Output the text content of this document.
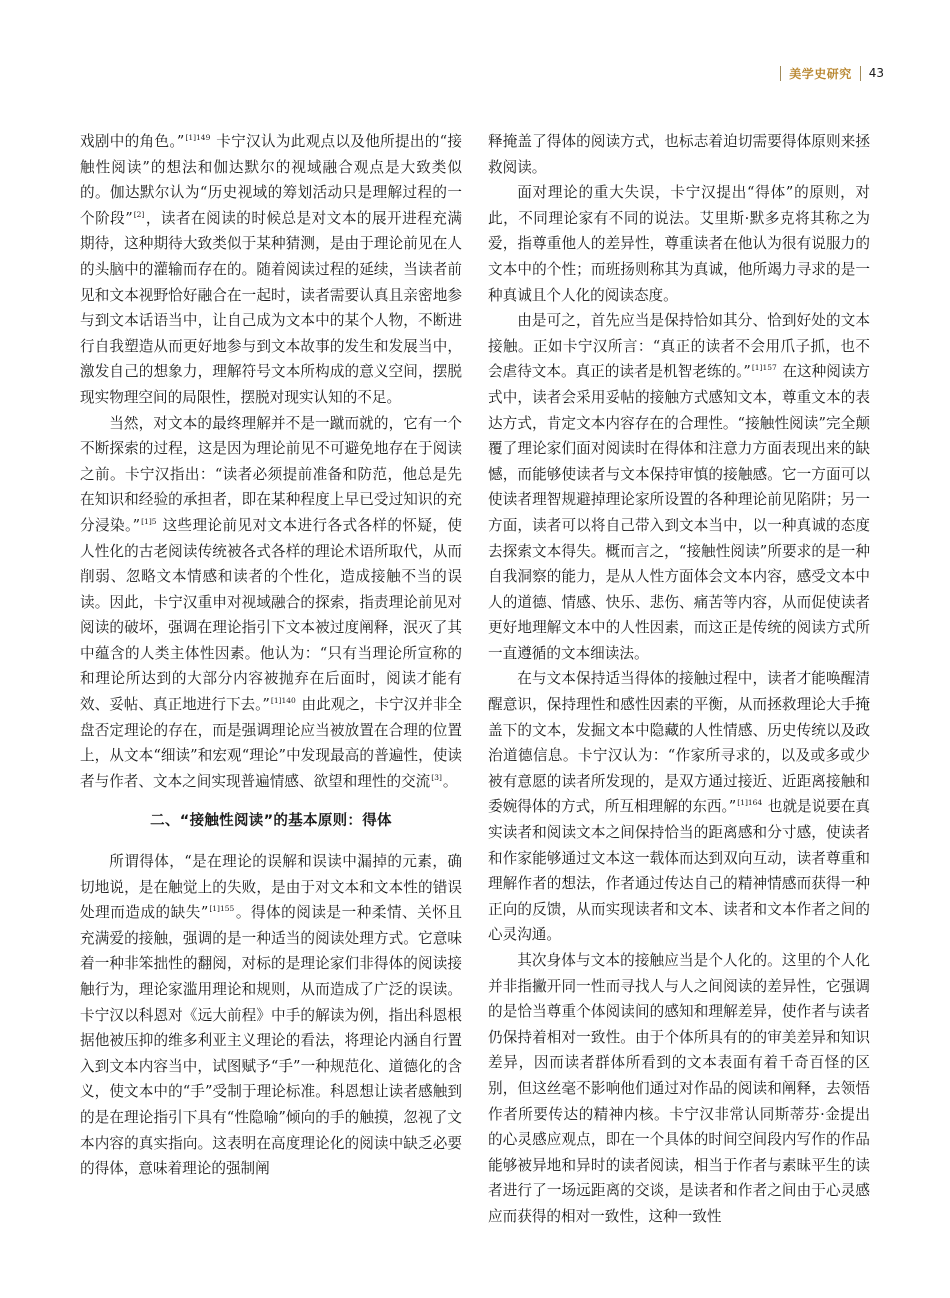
美学史研究 43

戏剧中的角色。”$^{[1]149}$ 卡宁汉认为此观点以及他所提出的“接触性阅读”的想法和伽达默尔的视域融合观点是大致类似的。伽达默尔认为“历史视域的筹划活动只是理解过程的一个阶段”[2]，读者在阅读的时候总是对文本的展开进程充满期待，这种期待大致类似于某种猜测，是由于理论前见在人的头脑中的灌输而存在的。随着阅读过程的延续，当读者前见和文本视野恰好融合在一起时，读者需要认真且亲密地参与到文本话语当中，让自己成为文本中的某个人物，不断进行自我塑造从而更好地参与到文本故事的发生和发展当中，激发自己的想象力，理解符号文本所构成的意义空间，摆脱现实物理空间的局限性，摆脱对现实认知的不足。

当然，对文本的最终理解并不是一蹴而就的，它有一个不断探索的过程，这是因为理论前见不可避免地存在于阅读之前。卡宁汉指出：“读者必须提前准备和防范，他总是先在知识和经验的承担者，即在某种程度上早已受过知识的充分浸染。”$^{[1]5}$ 这些理论前见对文本进行各式各样的怀疑，使人性化的古老阅读传统被各式各样的理论术语所取代，从而削弱、忽略文本情感和读者的个性化，造成接触不当的误读。因此，卡宁汉重申对视域融合的探索，指责理论前见对阅读的破坏，强调在理论指引下文本被过度阐释，泯灭了其中蕴含的人类主体性因素。他认为：“只有当理论所宣称的和理论所达到的大部分内容被抛弃在后面时，阅读才能有效、妥帖、真正地进行下去。”$^{[1]140}$ 由此观之，卡宁汉并非全盘否定理论的存在，而是强调理论应当被放置在合理的位置上，从文本“细读”和宏观“理论”中发现最高的普遍性，使读者与作者、文本之间实现普遍情感、欲望和理性的交流[3]。

二、“接触性阅读”的基本原则：得体

所谓得体，“是在理论的误解和误读中漏掉的元素，确切地说，是在触觉上的失败，是由于对文本和文本性的错误处理而造成的缺失”$^{[1]155}$。得体的阅读是一种柔情、关怀且充满爱的接触，强调的是一种适当的阅读处理方式。它意味着一种非笨拙性的翻阅，对标的是理论家们非得体的阅读接触行为，理论家滥用理论和规则，从而造成了广泛的误读。卡宁汉以科恩对《远大前程》中手的解读为例，指出科恩根据他被压抑的维多利亚主义理论的看法，将理论内涵自行置入到文本内容当中，试图赋予“手”一种规范化、道德化的含义，使文本中的“手”受制于理论标准。科恩想让读者感触到的是在理论指引下具有“性隐喻”倾向的手的触摸，忽视了文本内容的真实指向。这表明在高度理论化的阅读中缺乏必要的得体，意味着理论的强制阐

释掩盖了得体的阅读方式，也标志着迫切需要得体原则来拯救阅读。

面对理论的重大失误，卡宁汉提出“得体”的原则，对此，不同理论家有不同的说法。艾里斯·默多克将其称之为爱，指尊重他人的差异性，尊重读者在他认为很有说服力的文本中的个性；而班扬则称其为真诚，他所竭力寻求的是一种真诚且个人化的阅读态度。

由是可之，首先应当是保持恰如其分、恰到好处的文本接触。正如卡宁汉所言：“真正的读者不会用爪子抓，也不会虐待文本。真正的读者是机智老练的。”$^{[1]157}$ 在这种阅读方式中，读者会采用妥帖的接触方式感知文本，尊重文本的表达方式，肯定文本内容存在的合理性。“接触性阅读”完全颠覆了理论家们面对阅读时在得体和注意力方面表现出来的缺憾，而能够使读者与文本保持审慎的接触感。它一方面可以使读者理智规避掉理论家所设置的各种理论前见陷阱；另一方面，读者可以将自己带入到文本当中，以一种真诚的态度去探索文本得失。概而言之，“接触性阅读”所要求的是一种自我洞察的能力，是从人性方面体会文本内容，感受文本中人的道德、情感、快乐、悲伤、痛苦等内容，从而促使读者更好地理解文本中的人性因素，而这正是传统的阅读方式所一直遵循的文本细读法。

在与文本保持适当得体的接触过程中，读者才能唤醒清醒意识，保持理性和感性因素的平衡，从而拯救理论大手掩盖下的文本，发掘文本中隐藏的人性情感、历史传统以及政治道德信息。卡宁汉认为：“作家所寻求的，以及或多或少被有意愿的读者所发现的，是双方通过接近、近距离接触和委婉得体的方式，所互相理解的东西。”$^{[1]164}$ 也就是说要在真实读者和阅读文本之间保持恰当的距离感和分寸感，使读者和作家能够通过文本这一载体而达到双向互动，读者尊重和理解作者的想法，作者通过传达自己的精神情感而获得一种正向的反馈，从而实现读者和文本、读者和文本作者之间的心灵沟通。

其次身体与文本的接触应当是个人化的。这里的个人化并非指撇开同一性而寻找人与人之间阅读的差异性，它强调的是恰当尊重个体阅读间的感知和理解差异，使作者与读者仍保持着相对一致性。由于个体所具有的的审美差异和知识差异，因而读者群体所看到的文本表面有着千奇百怪的区别，但这丝毫不影响他们通过对作品的阅读和阐释，去领悟作者所要传达的精神内核。卡宁汉非常认同斯蒂芬·金提出的心灵感应观点，即在一个具体的时间空间段内写作的作品能够被异地和异时的读者阅读，相当于作者与素昧平生的读者进行了一场远距离的交谈，是读者和作者之间由于心灵感应而获得的相对一致性，这种一致性
